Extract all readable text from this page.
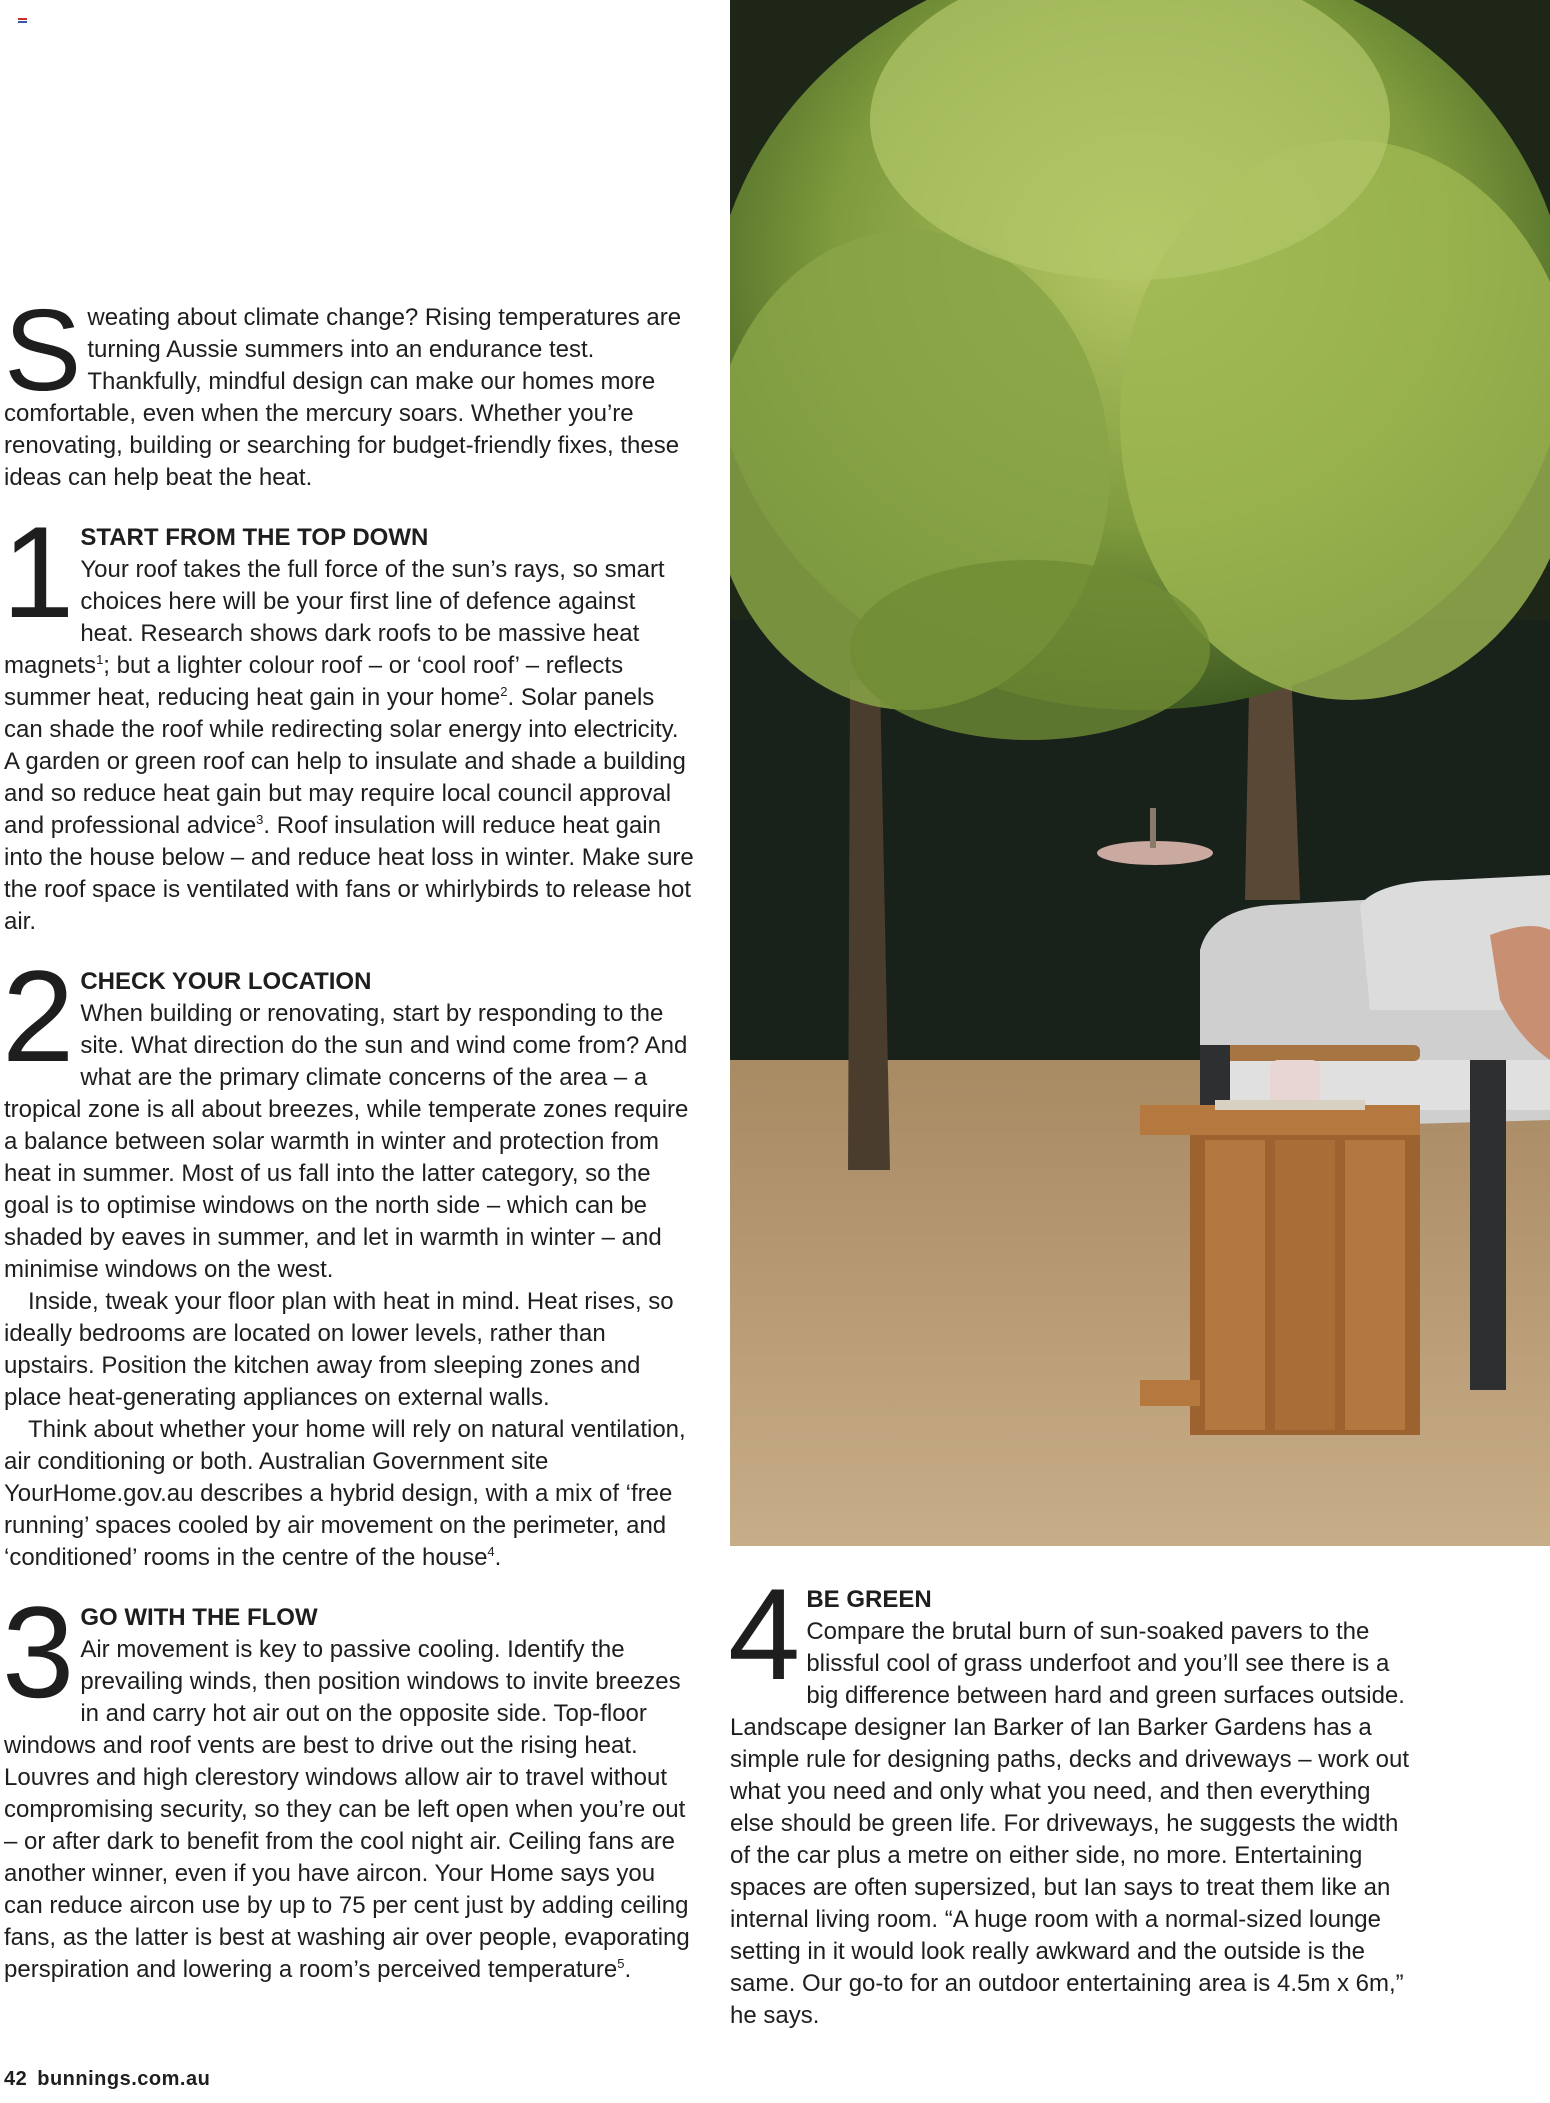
Sweating about climate change? Rising temperatures are turning Aussie summers into an endurance test. Thankfully, mindful design can make our homes more comfortable, even when the mercury soars. Whether you’re renovating, building or searching for budget-friendly fixes, these ideas can help beat the heat.

1 START FROM THE TOP DOWN

Your roof takes the full force of the sun’s rays, so smart choices here will be your first line of defence against heat. Research shows dark roofs to be massive heat magnets$^1$; but a lighter colour roof – or ‘cool roof’ – reflects summer heat, reducing heat gain in your home$^2$. Solar panels can shade the roof while redirecting solar energy into electricity. A garden or green roof can help to insulate and shade a building and so reduce heat gain but may require local council approval and professional advice$^3$. Roof insulation will reduce heat gain into the house below – and reduce heat loss in winter. Make sure the roof space is ventilated with fans or whirlybirds to release hot air.

2 CHECK YOUR LOCATION

When building or renovating, start by responding to the site. What direction do the sun and wind come from? And what are the primary climate concerns of the area – a tropical zone is all about breezes, while temperate zones require a balance between solar warmth in winter and protection from heat in summer. Most of us fall into the latter category, so the goal is to optimise windows on the north side – which can be shaded by eaves in summer, and let in warmth in winter – and minimise windows on the west.

Inside, tweak your floor plan with heat in mind. Heat rises, so ideally bedrooms are located on lower levels, rather than upstairs. Position the kitchen away from sleeping zones and place heat-generating appliances on external walls.

Think about whether your home will rely on natural ventilation, air conditioning or both. Australian Government site YourHome.gov.au describes a hybrid design, with a mix of ‘free running’ spaces cooled by air movement on the perimeter, and ‘conditioned’ rooms in the centre of the house$^4$.

3 GO WITH THE FLOW

Air movement is key to passive cooling. Identify the prevailing winds, then position windows to invite breezes in and carry hot air out on the opposite side. Top-floor windows and roof vents are best to drive out the rising heat. Louvres and high clerestory windows allow air to travel without compromising security, so they can be left open when you’re out – or after dark to benefit from the cool night air. Ceiling fans are another winner, even if you have aircon. Your Home says you can reduce aircon use by up to 75 per cent just by adding ceiling fans, as the latter is best at washing air over people, evaporating perspiration and lowering a room’s perceived temperature$^5$.

4 BE GREEN

Compare the brutal burn of sun-soaked pavers to the blissful cool of grass underfoot and you’ll see there is a big difference between hard and green surfaces outside. Landscape designer Ian Barker of Ian Barker Gardens has a simple rule for designing paths, decks and driveways – work out what you need and only what you need, and then everything else should be green life. For driveways, he suggests the width of the car plus a metre on either side, no more. Entertaining spaces are often supersized, but Ian says to treat them like an internal living room. “A huge room with a normal-sized lounge setting in it would look really awkward and the outside is the same. Our go-to for an outdoor entertaining area is 4.5m x 6m,” he says.

42 bunnings.com.au
